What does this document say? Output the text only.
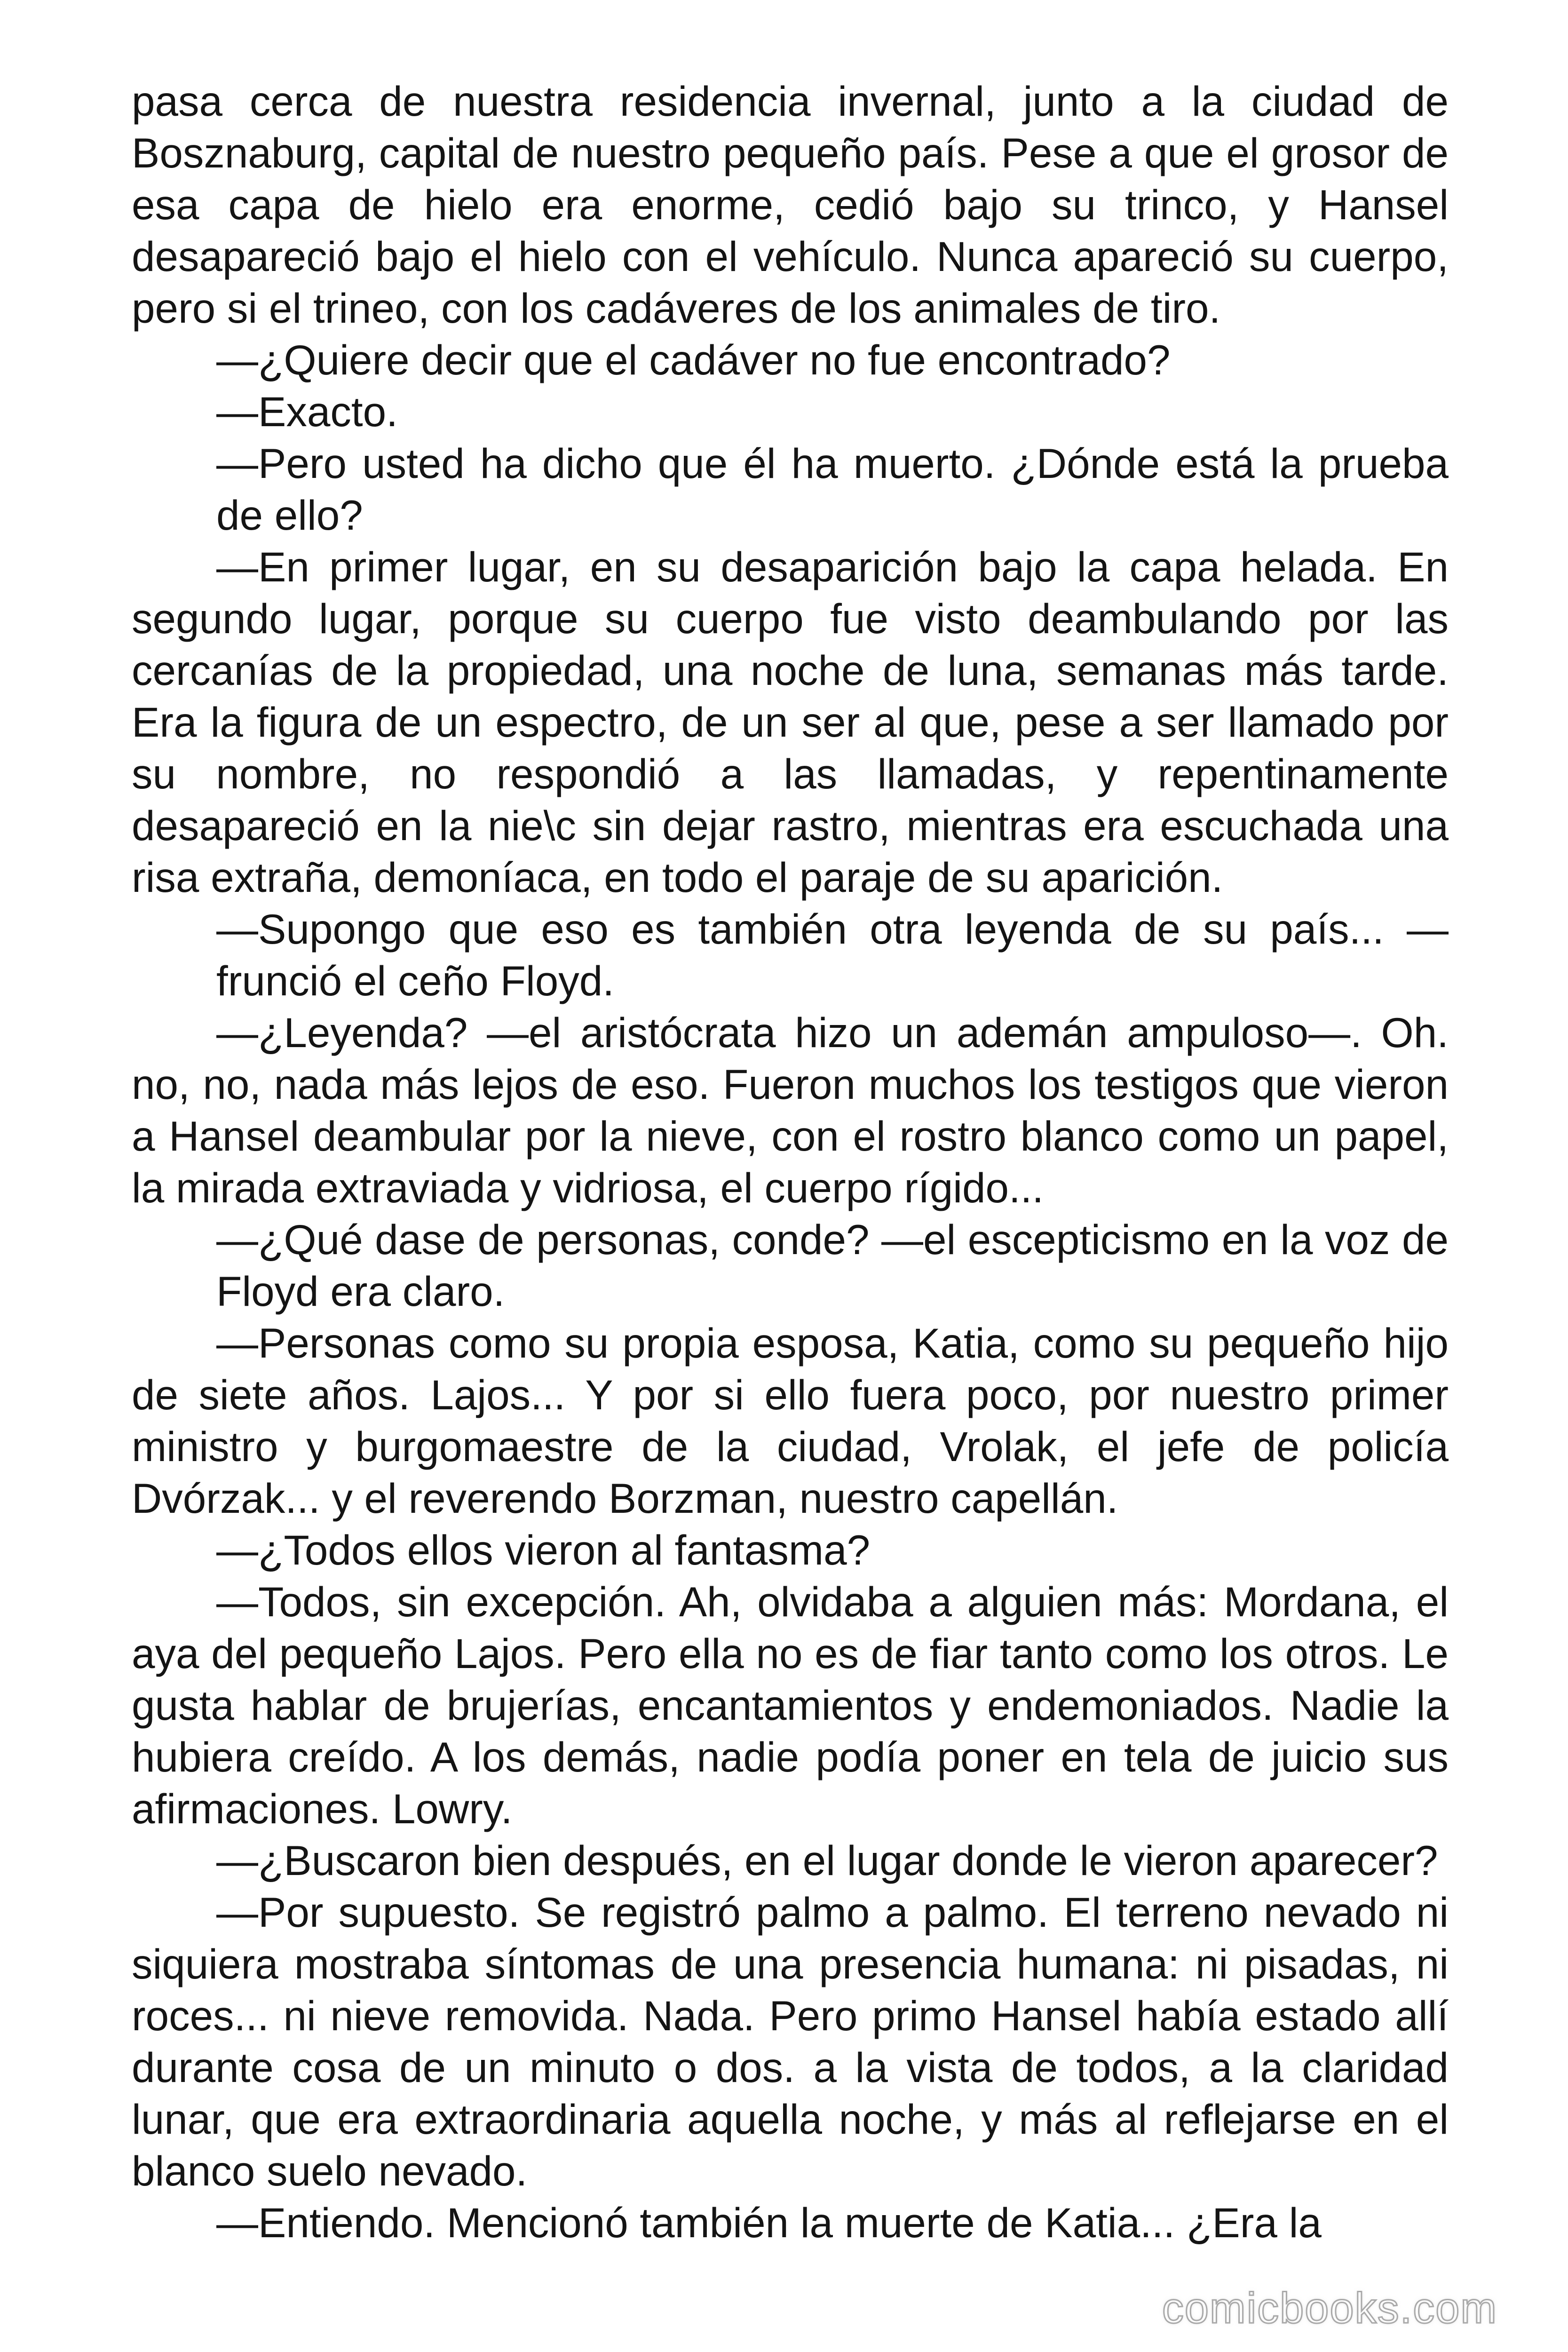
pasa cerca de nuestra residencia invernal, junto a la ciudad de Bosznaburg, capital de nuestro pequeño país. Pese a que el grosor de esa capa de hielo era enorme, cedió bajo su trinco, y Hansel desapareció bajo el hielo con el vehículo. Nunca apareció su cuerpo, pero si el trineo, con los cadáveres de los animales de tiro.

—¿Quiere decir que el cadáver no fue encontrado?

—Exacto.

—Pero usted ha dicho que él ha muerto. ¿Dónde está la prueba de ello?

—En primer lugar, en su desaparición bajo la capa helada. En segundo lugar, porque su cuerpo fue visto deambulando por las cercanías de la propiedad, una noche de luna, semanas más tarde. Era la figura de un espectro, de un ser al que, pese a ser llamado por su nombre, no respondió a las llamadas, y repentinamente desapareció en la nie\c sin dejar rastro, mientras era escuchada una risa extraña, demoníaca, en todo el paraje de su aparición.

—Supongo que eso es también otra leyenda de su país... —frunció el ceño Floyd.

—¿Leyenda? —el aristócrata hizo un ademán ampuloso—. Oh. no, no, nada más lejos de eso. Fueron muchos los testigos que vieron a Hansel deambular por la nieve, con el rostro blanco como un papel, la mirada extraviada y vidriosa, el cuerpo rígido...

—¿Qué dase de personas, conde? —el escepticismo en la voz de Floyd era claro.

—Personas como su propia esposa, Katia, como su pequeño hijo de siete años. Lajos... Y por si ello fuera poco, por nuestro primer ministro y burgomaestre de la ciudad, Vrolak, el jefe de policía Dvórzak... y el reverendo Borzman, nuestro capellán.

—¿Todos ellos vieron al fantasma?

—Todos, sin excepción. Ah, olvidaba a alguien más: Mordana, el aya del pequeño Lajos. Pero ella no es de fiar tanto como los otros. Le gusta hablar de brujerías, encantamientos y endemoniados. Nadie la hubiera creído. A los demás, nadie podía poner en tela de juicio sus afirmaciones. Lowry.

—¿Buscaron bien después, en el lugar donde le vieron aparecer?

—Por supuesto. Se registró palmo a palmo. El terreno nevado ni siquiera mostraba síntomas de una presencia humana: ni pisadas, ni roces... ni nieve removida. Nada. Pero primo Hansel había estado allí durante cosa de un minuto o dos. a la vista de todos, a la claridad lunar, que era extraordinaria aquella noche, y más al reflejarse en el blanco suelo nevado.

—Entiendo. Mencionó también la muerte de Katia... ¿Era la

comicbooks.com
